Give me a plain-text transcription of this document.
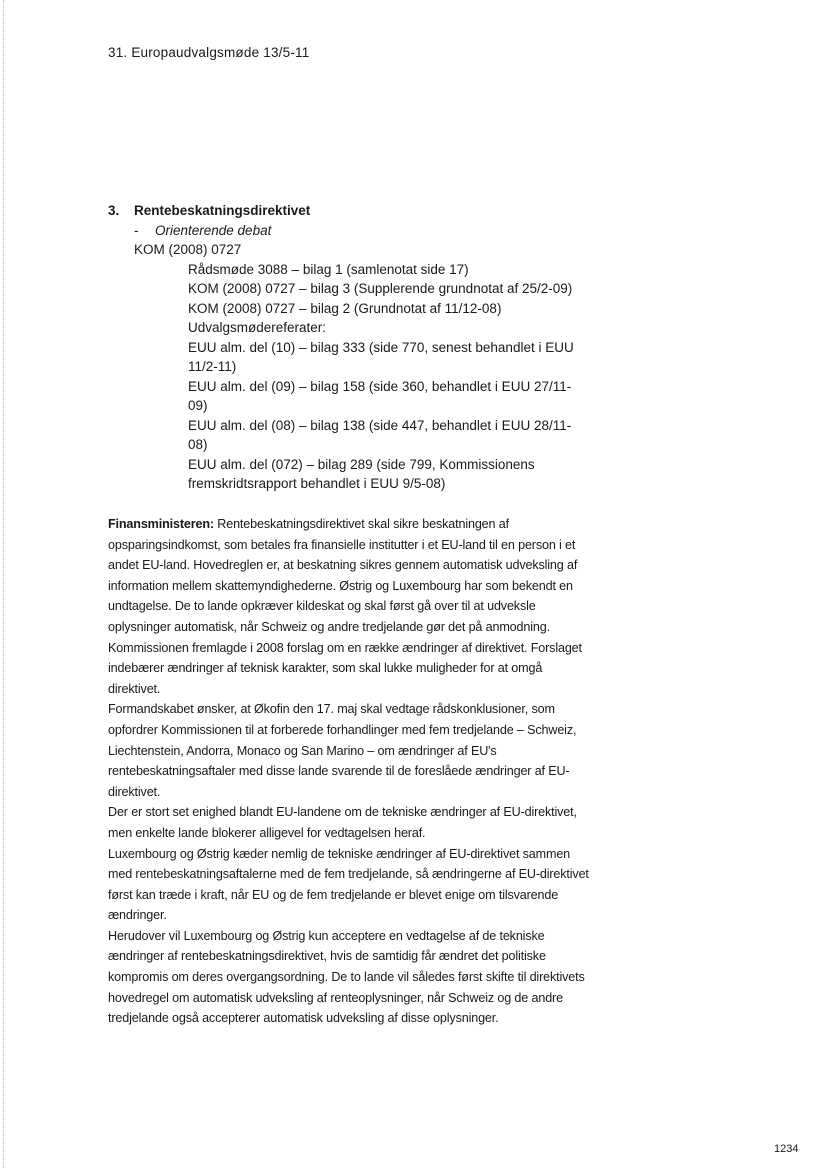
31. Europaudvalgsmøde 13/5-11
3. Rentebeskatningsdirektivet
- Orienterende debat
KOM (2008) 0727
Rådsmøde 3088 – bilag 1 (samlenotat side 17)
KOM (2008) 0727 – bilag 3 (Supplerende grundnotat af 25/2-09)
KOM (2008) 0727 – bilag 2 (Grundnotat af 11/12-08)
Udvalgsmødereferater:
EUU alm. del (10) – bilag 333 (side 770, senest behandlet i EUU 11/2-11)
EUU alm. del (09) – bilag 158 (side 360, behandlet i EUU 27/11-09)
EUU alm. del (08) – bilag 138 (side 447, behandlet i EUU 28/11-08)
EUU alm. del (072) – bilag 289 (side 799, Kommissionens fremskridtsrapport behandlet i EUU 9/5-08)

Finansministeren: Rentebeskatningsdirektivet skal sikre beskatningen af opsparingsindkomst, som betales fra finansielle institutter i et EU-land til en person i et andet EU-land. Hovedreglen er, at beskatning sikres gennem automatisk udveksling af information mellem skattemyndighederne. Østrig og Luxembourg har som bekendt en undtagelse. De to lande opkræver kildeskat og skal først gå over til at udveksle oplysninger automatisk, når Schweiz og andre tredjelande gør det på anmodning.

Kommissionen fremlagde i 2008 forslag om en række ændringer af direktivet. Forslaget indebærer ændringer af teknisk karakter, som skal lukke muligheder for at omgå direktivet.

Formandskabet ønsker, at Økofin den 17. maj skal vedtage rådskonklusioner, som opfordrer Kommissionen til at forberede forhandlinger med fem tredjelande – Schweiz, Liechtenstein, Andorra, Monaco og San Marino – om ændringer af EU's rentebeskatningsaftaler med disse lande svarende til de foreslåede ændringer af EU-direktivet.

Der er stort set enighed blandt EU-landene om de tekniske ændringer af EU-direktivet, men enkelte lande blokerer alligevel for vedtagelsen heraf.

Luxembourg og Østrig kæder nemlig de tekniske ændringer af EU-direktivet sammen med rentebeskatningsaftalerne med de fem tredjelande, så ændringerne af EU-direktivet først kan træde i kraft, når EU og de fem tredjelande er blevet enige om tilsvarende ændringer.

Herudover vil Luxembourg og Østrig kun acceptere en vedtagelse af de tekniske ændringer af rentebeskatningsdirektivet, hvis de samtidig får ændret det politiske kompromis om deres overgangsordning. De to lande vil således først skifte til direktivets hovedregel om automatisk udveksling af renteoplysninger, når Schweiz og de andre tredjelande også accepterer automatisk udveksling af disse oplysninger.

1234
